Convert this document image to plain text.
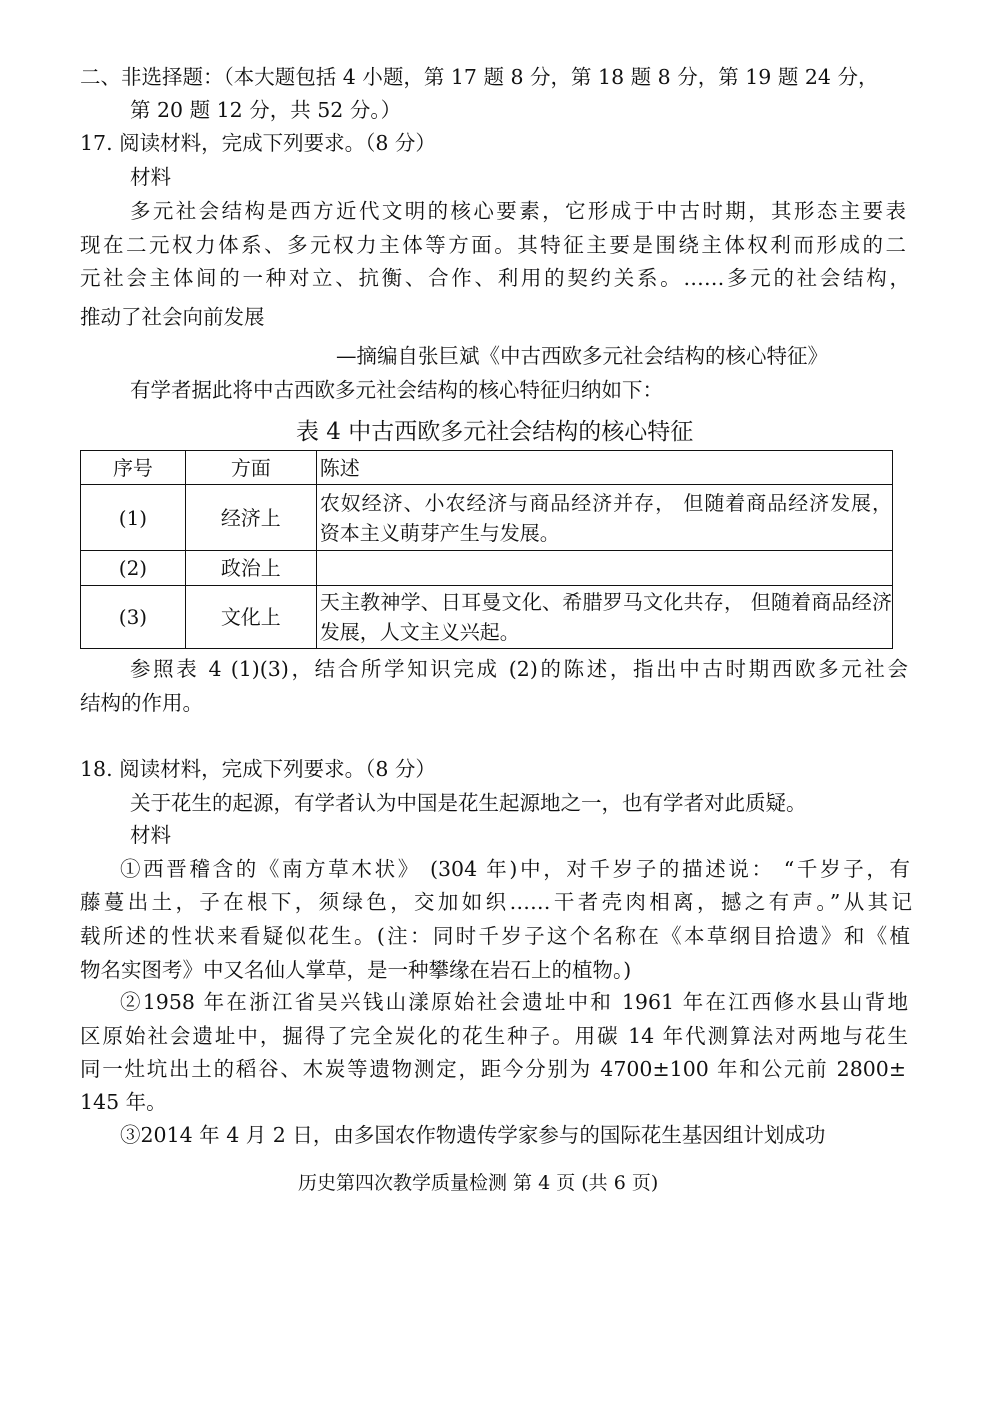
二、非选择题：（本大题包括 4 小题，第 17 题 8 分，第 18 题 8 分，第 19 题 24 分，
第 20 题 12 分，共 52 分。）
17. 阅读材料，完成下列要求。（8 分）
材料
多元社会结构是西方近代文明的核心要素，它形成于中古时期，其形态主要表
现在二元权力体系、多元权力主体等方面。其特征主要是围绕主体权利而形成的二
元社会主体间的一种对立、抗衡、合作、利用的契约关系。……多元的社会结构，
推动了社会向前发展
—摘编自张巨斌《中古西欧多元社会结构的核心特征》
有学者据此将中古西欧多元社会结构的核心特征归纳如下：
表 4 中古西欧多元社会结构的核心特征
序号	方面	陈述
(1)	经济上	农奴经济、小农经济与商品经济并存， 但随着商品经济发展， 资本主义萌芽产生与发展。
(2)	政治上	
(3)	文化上	天主教神学、日耳曼文化、希腊罗马文化共存， 但随着商品经济发展，人文主义兴起。
参照表 4 (1)(3)，结合所学知识完成 (2)的陈述，指出中古时期西欧多元社会
结构的作用。
18. 阅读材料，完成下列要求。（8 分）
关于花生的起源，有学者认为中国是花生起源地之一，也有学者对此质疑。
材料
①西晋稽含的《南方草木状》 (304 年)中，对千岁子的描述说： “千岁子，有
藤蔓出土，子在根下，须绿色，交加如织……干者壳肉相离，撼之有声。”从其记
载所述的性状来看疑似花生。(注：同时千岁子这个名称在《本草纲目拾遗》和《植
物名实图考》中又名仙人掌草，是一种攀缘在岩石上的植物。)
②1958 年在浙江省吴兴钱山漾原始社会遗址中和 1961 年在江西修水县山背地
区原始社会遗址中，掘得了完全炭化的花生种子。用碳 14 年代测算法对两地与花生
同一灶坑出土的稻谷、木炭等遗物测定，距今分别为 4700±100 年和公元前 2800±
145 年。
③2014 年 4 月 2 日，由多国农作物遗传学家参与的国际花生基因组计划成功
历史第四次教学质量检测 第 4 页 (共 6 页)
